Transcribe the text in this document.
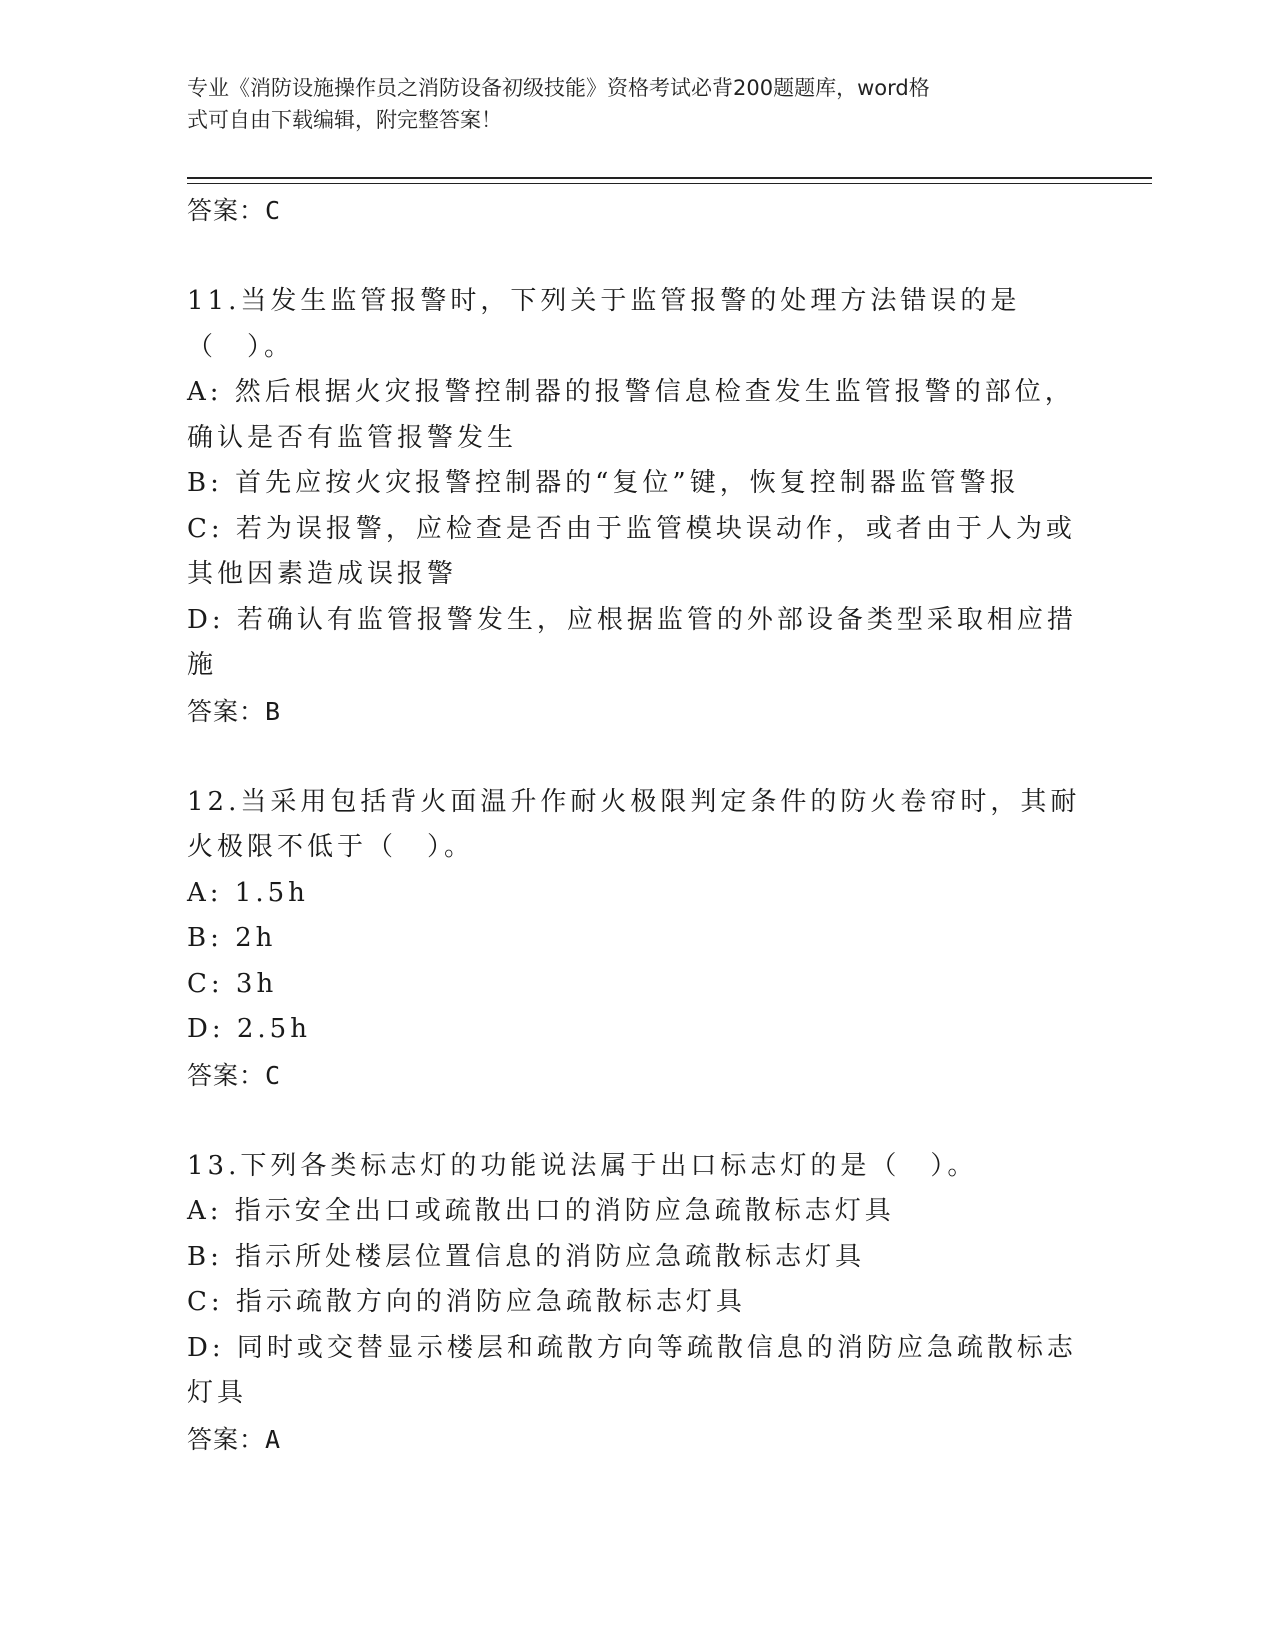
专业《消防设施操作员之消防设备初级技能》资格考试必背200题题库，word格
式可自由下载编辑，附完整答案！

答案：C

11.当发生监管报警时，下列关于监管报警的处理方法错误的是（　）。

A: 然后根据火灾报警控制器的报警信息检查发生监管报警的部位，确认是否有监管报警发生

B: 首先应按火灾报警控制器的“复位”键，恢复控制器监管警报

C: 若为误报警，应检查是否由于监管模块误动作，或者由于人为或其他因素造成误报警

D: 若确认有监管报警发生，应根据监管的外部设备类型采取相应措施

答案：B

12.当采用包括背火面温升作耐火极限判定条件的防火卷帘时，其耐火极限不低于（　）。

A: 1.5h

B: 2h

C: 3h

D: 2.5h

答案：C

13.下列各类标志灯的功能说法属于出口标志灯的是（　）。

A: 指示安全出口或疏散出口的消防应急疏散标志灯具

B: 指示所处楼层位置信息的消防应急疏散标志灯具

C: 指示疏散方向的消防应急疏散标志灯具

D: 同时或交替显示楼层和疏散方向等疏散信息的消防应急疏散标志灯具

答案：A
